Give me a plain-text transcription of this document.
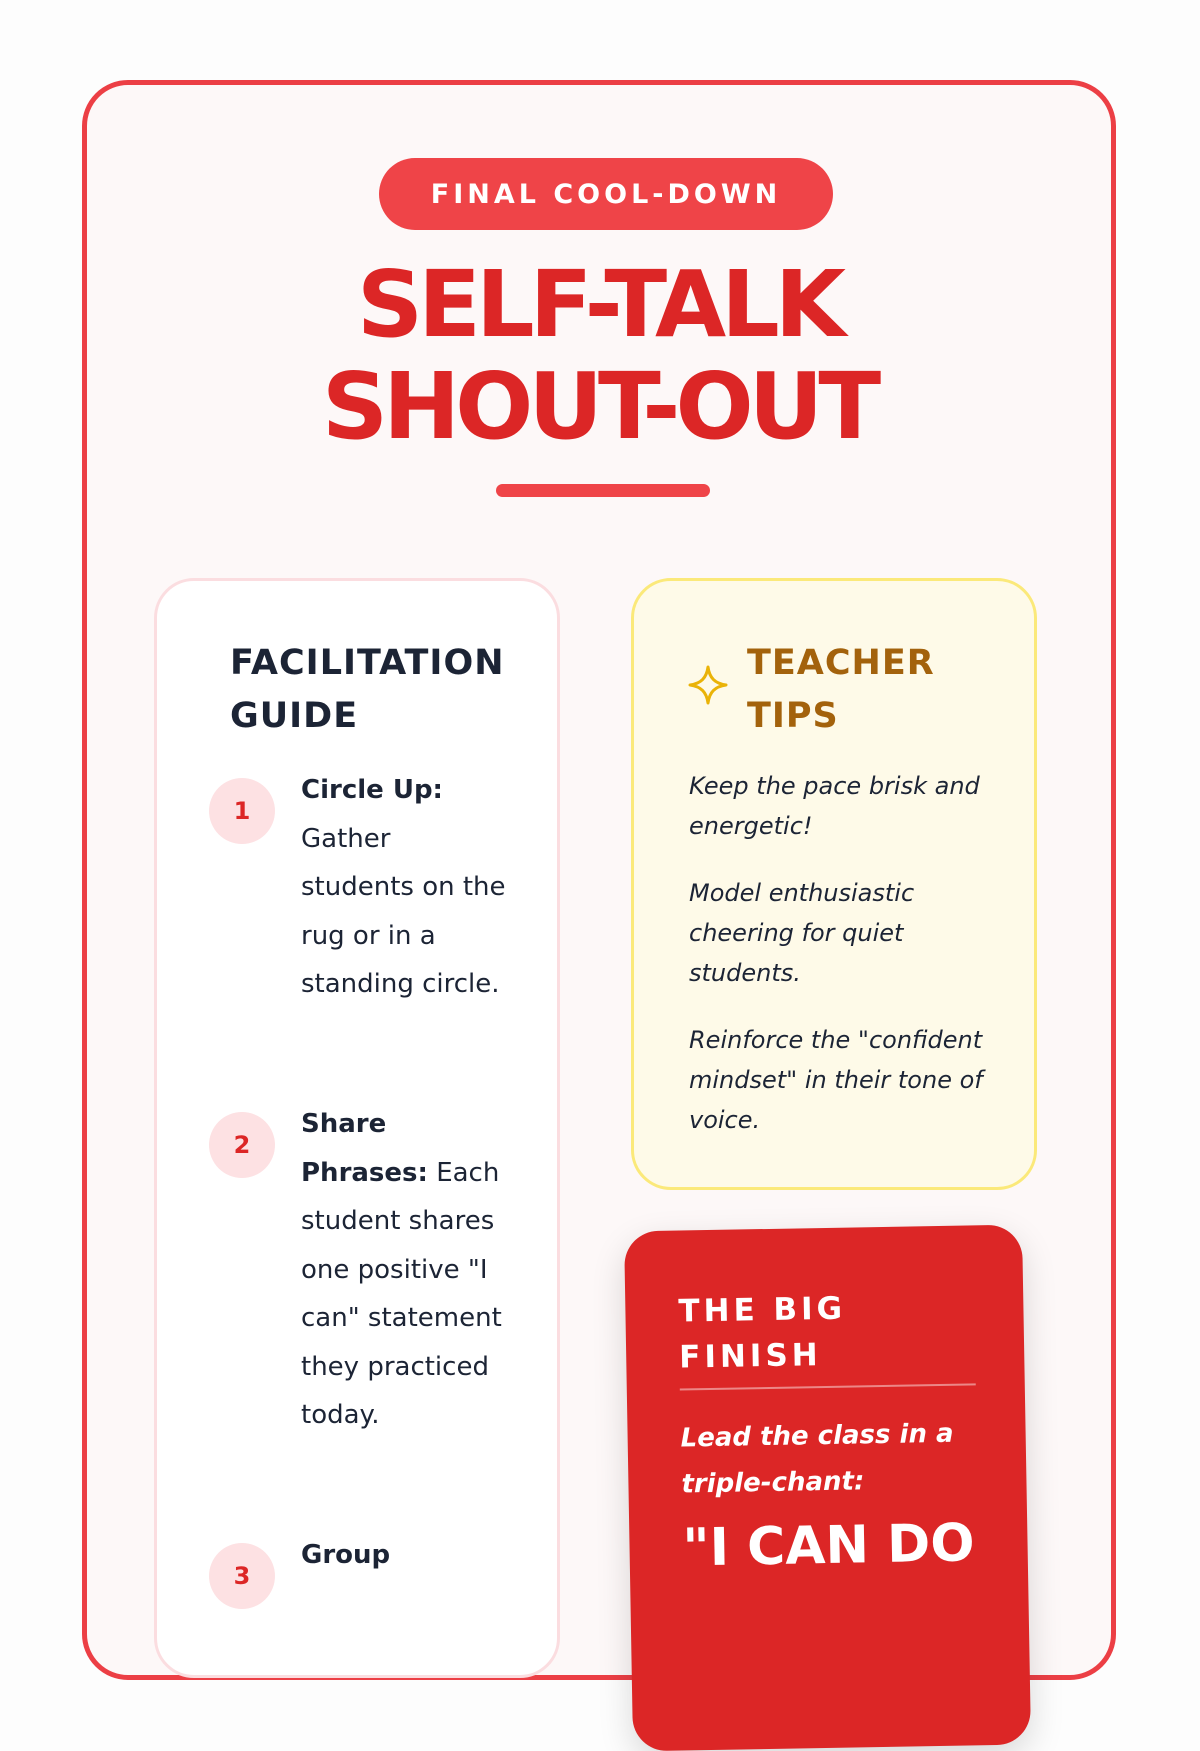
FINAL COOL-DOWN
SELF-TALK
SHOUT-OUT
FACILITATION GUIDE
1
Circle Up: Gather students on the rug or in a standing circle.
2
Share Phrases: Each student shares one positive "I can" statement they practiced today.
3
Group
TEACHER TIPS
Keep the pace brisk and energetic!
Model enthusiastic cheering for quiet students.
Reinforce the "confident mindset" in their tone of voice.
THE BIG FINISH
Lead the class in a triple-chant:
"I CAN DO
